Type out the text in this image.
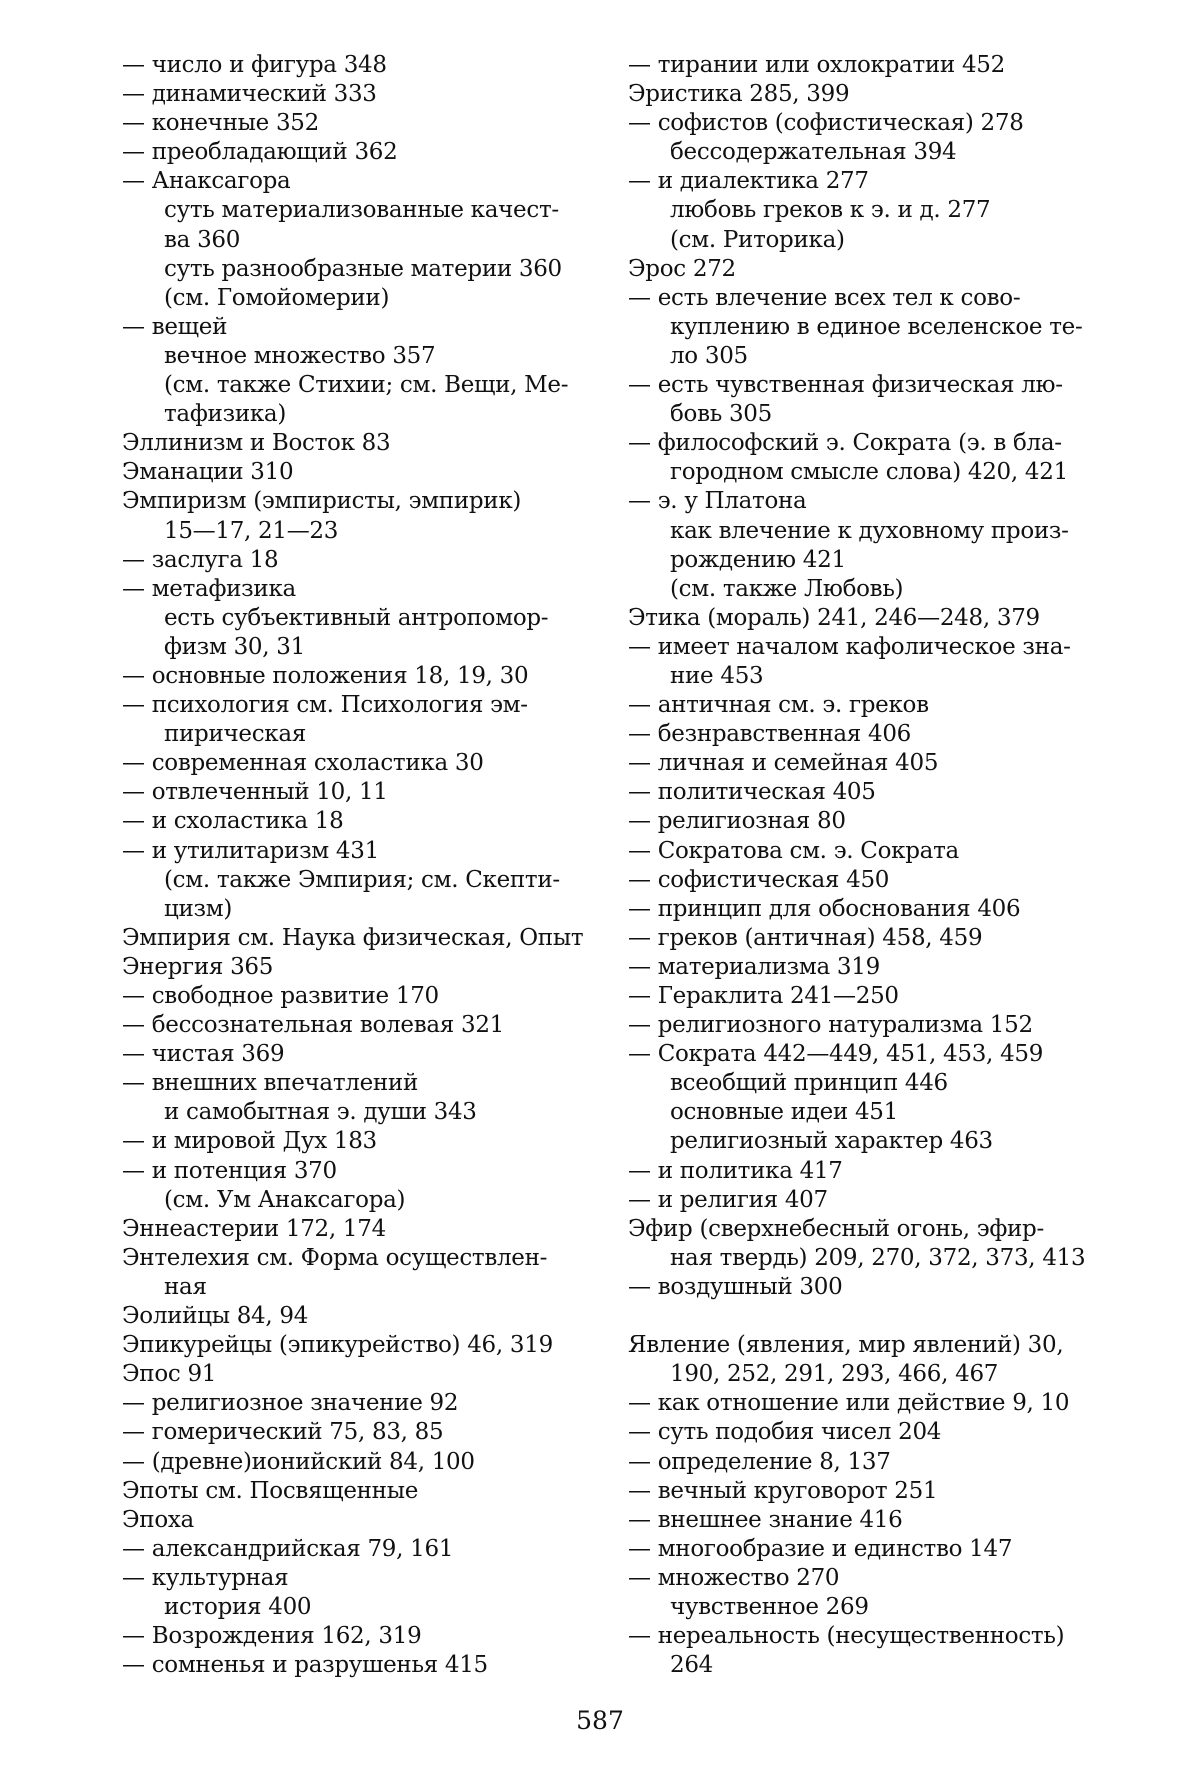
— число и фигура 348
— динамический 333
— конечные 352
— преобладающий 362
— Анаксагора
суть материализованные качест-
ва 360
суть разнообразные материи 360
(см. Гомойомерии)
— вещей
вечное множество 357
(см. также Стихии; см. Вещи, Ме-
тафизика)
Эллинизм и Восток 83
Эманации 310
Эмпиризм (эмпиристы, эмпирик)
15—17, 21—23
— заслуга 18
— метафизика
есть субъективный антропомор-
физм 30, 31
— основные положения 18, 19, 30
— психология см. Психология эм-
пирическая
— современная схоластика 30
— отвлеченный 10, 11
— и схоластика 18
— и утилитаризм 431
(см. также Эмпирия; см. Скепти-
цизм)
Эмпирия см. Наука физическая, Опыт
Энергия 365
— свободное развитие 170
— бессознательная волевая 321
— чистая 369
— внешних впечатлений
и самобытная э. души 343
— и мировой Дух 183
— и потенция 370
(см. Ум Анаксагора)
Эннеастерии 172, 174
Энтелехия см. Форма осуществлен-
ная
Эолийцы 84, 94
Эпикурейцы (эпикурейство) 46, 319
Эпос 91
— религиозное значение 92
— гомерический 75, 83, 85
— (древне)ионийский 84, 100
Эпоты см. Посвященные
Эпоха
— александрийская 79, 161
— культурная
история 400
— Возрождения 162, 319
— сомненья и разрушенья 415
— тирании или охлократии 452
Эристика 285, 399
— софистов (софистическая) 278
бессодержательная 394
— и диалектика 277
любовь греков к э. и д. 277
(см. Риторика)
Эрос 272
— есть влечение всех тел к сово-
куплению в единое вселенское те-
ло 305
— есть чувственная физическая лю-
бовь 305
— философский э. Сократа (э. в бла-
городном смысле слова) 420, 421
— э. у Платона
как влечение к духовному произ-
рождению 421
(см. также Любовь)
Этика (мораль) 241, 246—248, 379
— имеет началом кафолическое зна-
ние 453
— античная см. э. греков
— безнравственная 406
— личная и семейная 405
— политическая 405
— религиозная 80
— Сократова см. э. Сократа
— софистическая 450
— принцип для обоснования 406
— греков (античная) 458, 459
— материализма 319
— Гераклита 241—250
— религиозного натурализма 152
— Сократа 442—449, 451, 453, 459
всеобщий принцип 446
основные идеи 451
религиозный характер 463
— и политика 417
— и религия 407
Эфир (сверхнебесный огонь, эфир-
ная твердь) 209, 270, 372, 373, 413
— воздушный 300
Явление (явления, мир явлений) 30,
190, 252, 291, 293, 466, 467
— как отношение или действие 9, 10
— суть подобия чисел 204
— определение 8, 137
— вечный круговорот 251
— внешнее знание 416
— многообразие и единство 147
— множество 270
чувственное 269
— нереальность (несущественность)
264
587
